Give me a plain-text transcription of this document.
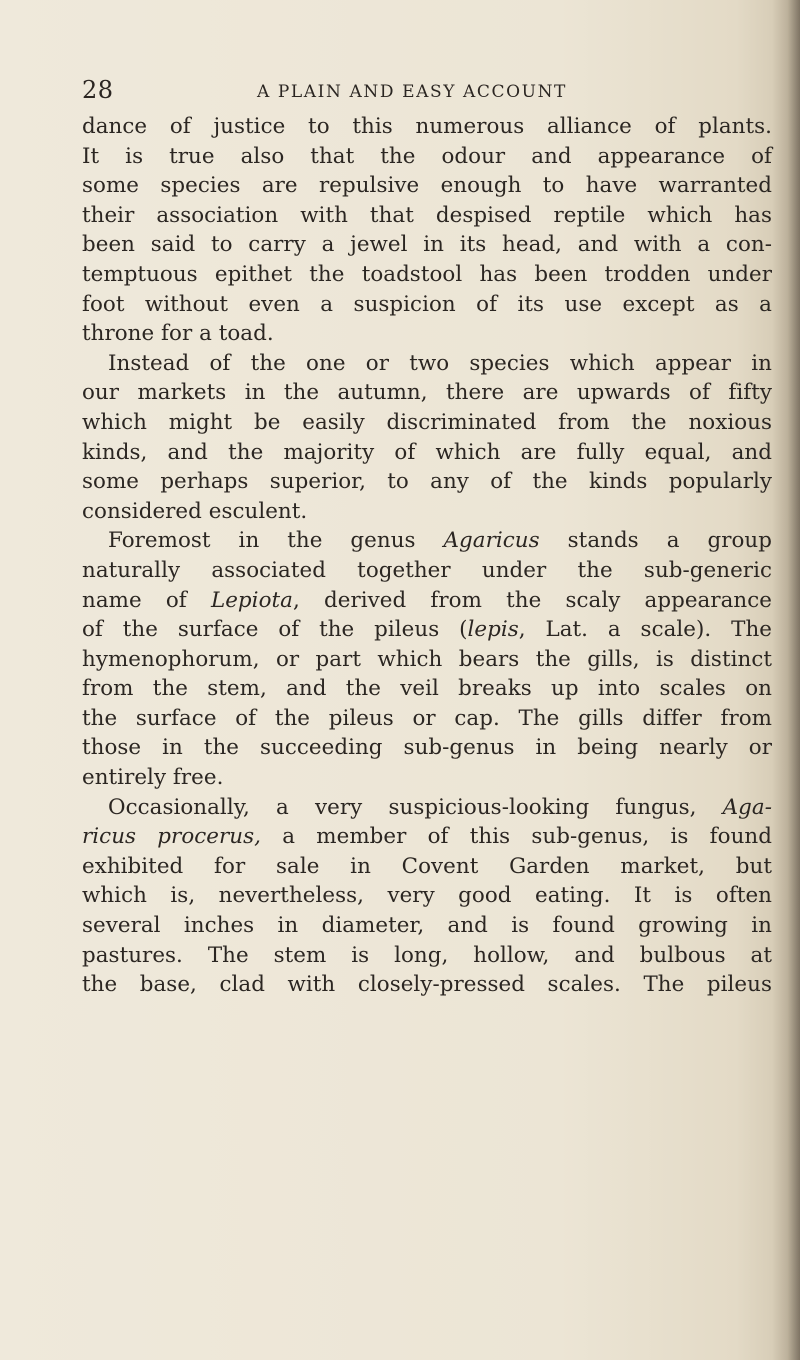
28	A PLAIN AND EASY ACCOUNT
dance of justice to this numerous alliance of plants.
It is true also that the odour and appearance of
some species are repulsive enough to have warranted
their association with that despised reptile which has
been said to carry a jewel in its head, and with a con-
temptuous epithet the toadstool has been trodden under
foot without even a suspicion of its use except as a
throne for a toad.
Instead of the one or two species which appear in
our markets in the autumn, there are upwards of fifty
which might be easily discriminated from the noxious
kinds, and the majority of which are fully equal, and
some perhaps superior, to any of the kinds popularly
considered esculent.
Foremost in the genus Agaricus stands a group
naturally associated together under the sub-generic
name of Lepiota, derived from the scaly appearance
of the surface of the pileus (lepis, Lat. a scale). The
hymenophorum, or part which bears the gills, is distinct
from the stem, and the veil breaks up into scales on
the surface of the pileus or cap. The gills differ from
those in the succeeding sub-genus in being nearly or
entirely free.
Occasionally, a very suspicious-looking fungus, Aga-
ricus procerus, a member of this sub-genus, is found
exhibited for sale in Covent Garden market, but
which is, nevertheless, very good eating. It is often
several inches in diameter, and is found growing in
pastures. The stem is long, hollow, and bulbous at
the base, clad with closely-pressed scales. The pileus
